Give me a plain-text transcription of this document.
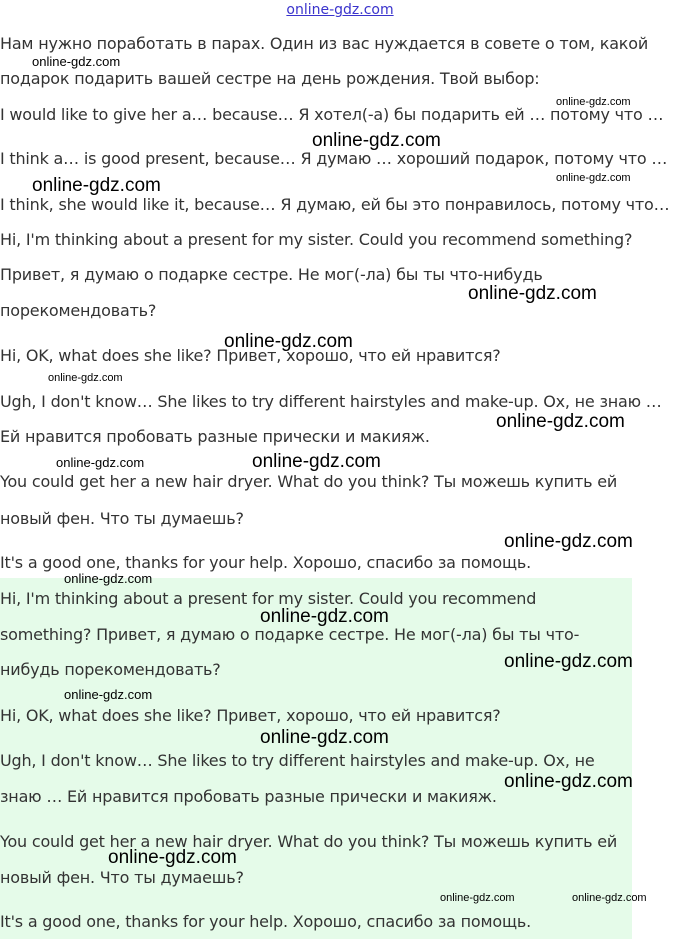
online-gdz.com
Нам нужно поработать в парах. Один из вас нуждается в совете о том, какой
подарок подарить вашей сестре на день рождения. Твой выбор:
I would like to give her a… because… Я хотел(-а) бы подарить ей … потому что …
I think a… is good present, because… Я думаю … хороший подарок, потому что …
I think, she would like it, because… Я думаю, ей бы это понравилось, потому что…
Hi, I'm thinking about a present for my sister. Could you recommend something?
Привет, я думаю о подарке сестре. Не мог(-ла) бы ты что-нибудь
порекомендовать?
Hi, OK, what does she like? Привет, хорошо, что ей нравится?
Ugh, I don't know… She likes to try different hairstyles and make-up. Ох, не знаю …
Ей нравится пробовать разные прически и макияж.
You could get her a new hair dryer. What do you think? Ты можешь купить ей
новый фен. Что ты думаешь?
It's a good one, thanks for your help. Хорошо, спасибо за помощь.
Hi, I'm thinking about a present for my sister. Could you recommend
something? Привет, я думаю о подарке сестре. Не мог(-ла) бы ты что-
нибудь порекомендовать?
Hi, OK, what does she like? Привет, хорошо, что ей нравится?
Ugh, I don't know… She likes to try different hairstyles and make-up. Ох, не
знаю … Ей нравится пробовать разные прически и макияж.
You could get her a new hair dryer. What do you think? Ты можешь купить ей
новый фен. Что ты думаешь?
It's a good one, thanks for your help. Хорошо, спасибо за помощь.
online-gdz.com
online-gdz.com
online-gdz.com
online-gdz.com
online-gdz.com
online-gdz.com
online-gdz.com
online-gdz.com
online-gdz.com
online-gdz.com	online-gdz.com
online-gdz.com
online-gdz.com
online-gdz.com
online-gdz.com
online-gdz.com
online-gdz.com
online-gdz.com
online-gdz.com
online-gdz.com	online-gdz.com
